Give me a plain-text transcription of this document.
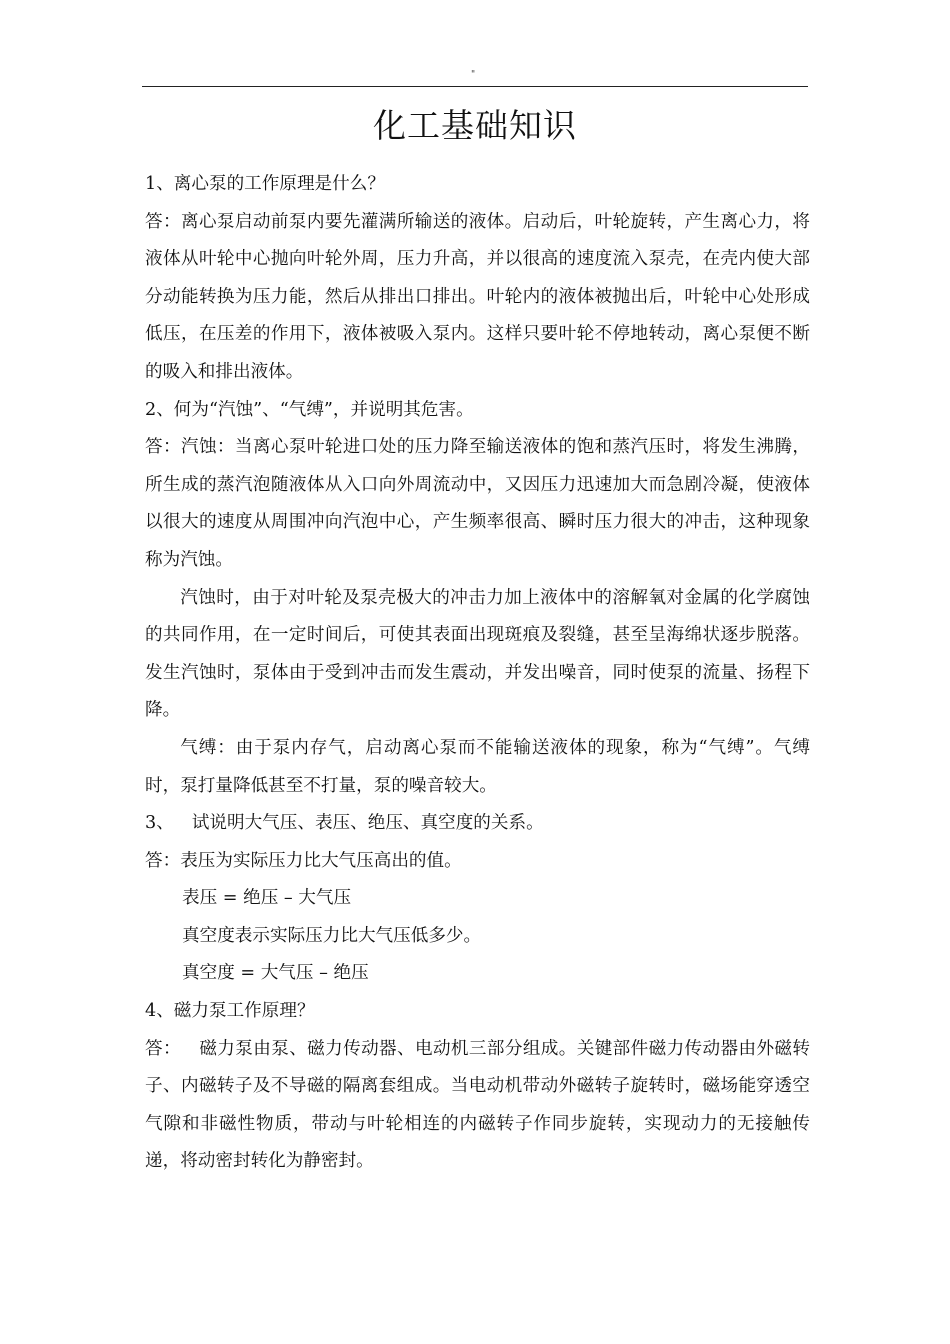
"
化工基础知识

1、离心泵的工作原理是什么？

答：离心泵启动前泵内要先灌满所输送的液体。启动后，叶轮旋转，产生离心力，将液体从叶轮中心抛向叶轮外周，压力升高，并以很高的速度流入泵壳，在壳内使大部分动能转换为压力能，然后从排出口排出。叶轮内的液体被抛出后，叶轮中心处形成低压，在压差的作用下，液体被吸入泵内。这样只要叶轮不停地转动，离心泵便不断的吸入和排出液体。

2、何为“汽蚀”、“气缚”，并说明其危害。

答：汽蚀：当离心泵叶轮进口处的压力降至输送液体的饱和蒸汽压时，将发生沸腾，所生成的蒸汽泡随液体从入口向外周流动中，又因压力迅速加大而急剧冷凝，使液体以很大的速度从周围冲向汽泡中心，产生频率很高、瞬时压力很大的冲击，这种现象称为汽蚀。

汽蚀时，由于对叶轮及泵壳极大的冲击力加上液体中的溶解氧对金属的化学腐蚀的共同作用，在一定时间后，可使其表面出现斑痕及裂缝，甚至呈海绵状逐步脱落。发生汽蚀时，泵体由于受到冲击而发生震动，并发出噪音，同时使泵的流量、扬程下降。

气缚：由于泵内存气，启动离心泵而不能输送液体的现象，称为“气缚”。气缚时，泵打量降低甚至不打量，泵的噪音较大。

3、 试说明大气压、表压、绝压、真空度的关系。

答：表压为实际压力比大气压高出的值。

表压 = 绝压 – 大气压

真空度表示实际压力比大气压低多少。

真空度 = 大气压 – 绝压

4、磁力泵工作原理？

答： 磁力泵由泵、磁力传动器、电动机三部分组成。关键部件磁力传动器由外磁转子、内磁转子及不导磁的隔离套组成。当电动机带动外磁转子旋转时，磁场能穿透空气隙和非磁性物质，带动与叶轮相连的内磁转子作同步旋转，实现动力的无接触传递，将动密封转化为静密封。
